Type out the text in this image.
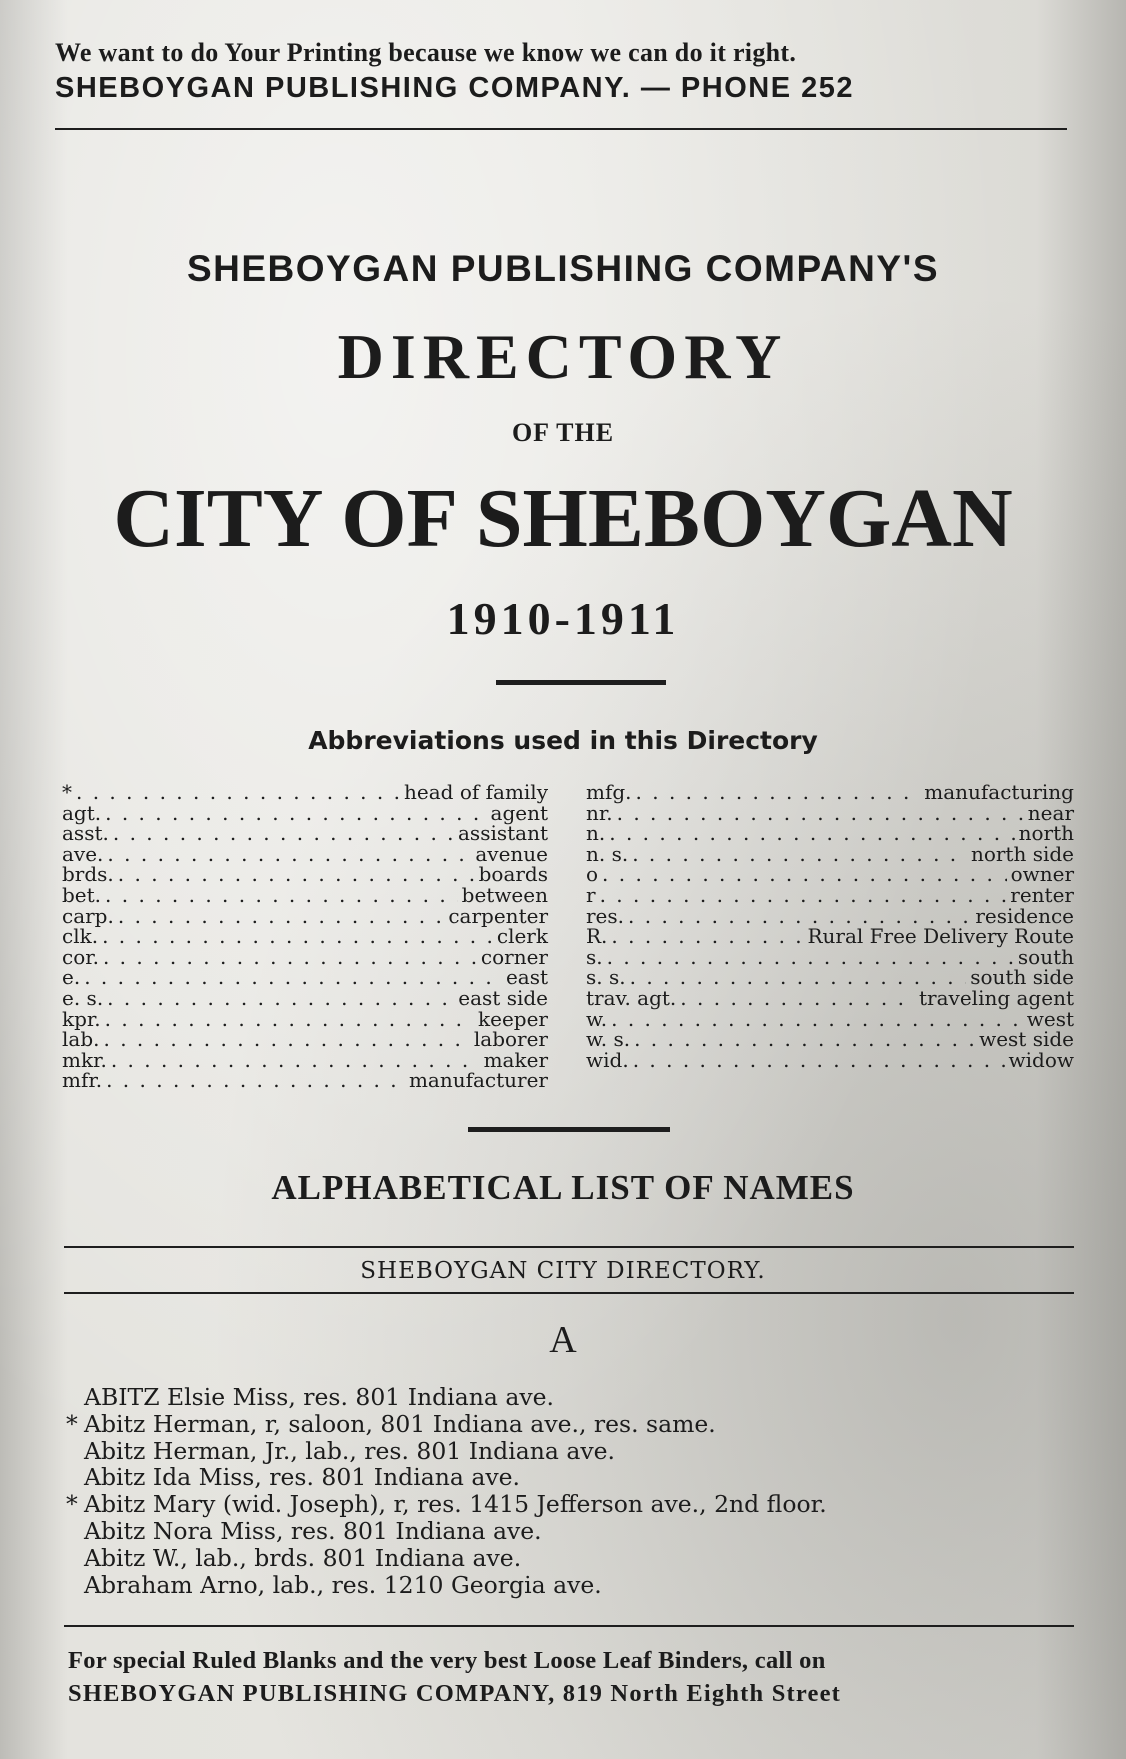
We want to do Your Printing because we know we can do it right.
SHEBOYGAN PUBLISHING COMPANY. — PHONE 252
SHEBOYGAN PUBLISHING COMPANY'S
DIRECTORY
OF THE
CITY OF SHEBOYGAN
1910-1911
Abbreviations used in this Directory
* . . .	head of family
agt. . . .	agent
asst. . . .	assistant
ave. . . .	avenue
brds. . . .	boards
bet. . . .	between
carp. . . .	carpenter
clk. . . .	clerk
cor. . . .	corner
e. . . .	east
e. s. . . .	east side
kpr. . . .	keeper
lab. . . .	laborer
mkr. . . .	maker
mfr. . . .	manufacturer
mfg. . . .	manufacturing
nr. . . .	near
n. . . .	north
n. s. . . .	north side
o . . .	owner
r . . .	renter
res. . . .	residence
R. . . .	Rural Free Delivery Route
s. . . .	south
s. s. . . .	south side
trav. agt. . . .	traveling agent
w. . . .	west
w. s. . . .	west side
wid. . . .	widow
ALPHABETICAL LIST OF NAMES
SHEBOYGAN CITY DIRECTORY.
A
ABITZ Elsie Miss, res. 801 Indiana ave.
* Abitz Herman, r, saloon, 801 Indiana ave., res. same.
Abitz Herman, Jr., lab., res. 801 Indiana ave.
Abitz Ida Miss, res. 801 Indiana ave.
* Abitz Mary (wid. Joseph), r, res. 1415 Jefferson ave., 2nd floor.
Abitz Nora Miss, res. 801 Indiana ave.
Abitz W., lab., brds. 801 Indiana ave.
Abraham Arno, lab., res. 1210 Georgia ave.
For special Ruled Blanks and the very best Loose Leaf Binders, call on
SHEBOYGAN PUBLISHING COMPANY, 819 North Eighth Street
